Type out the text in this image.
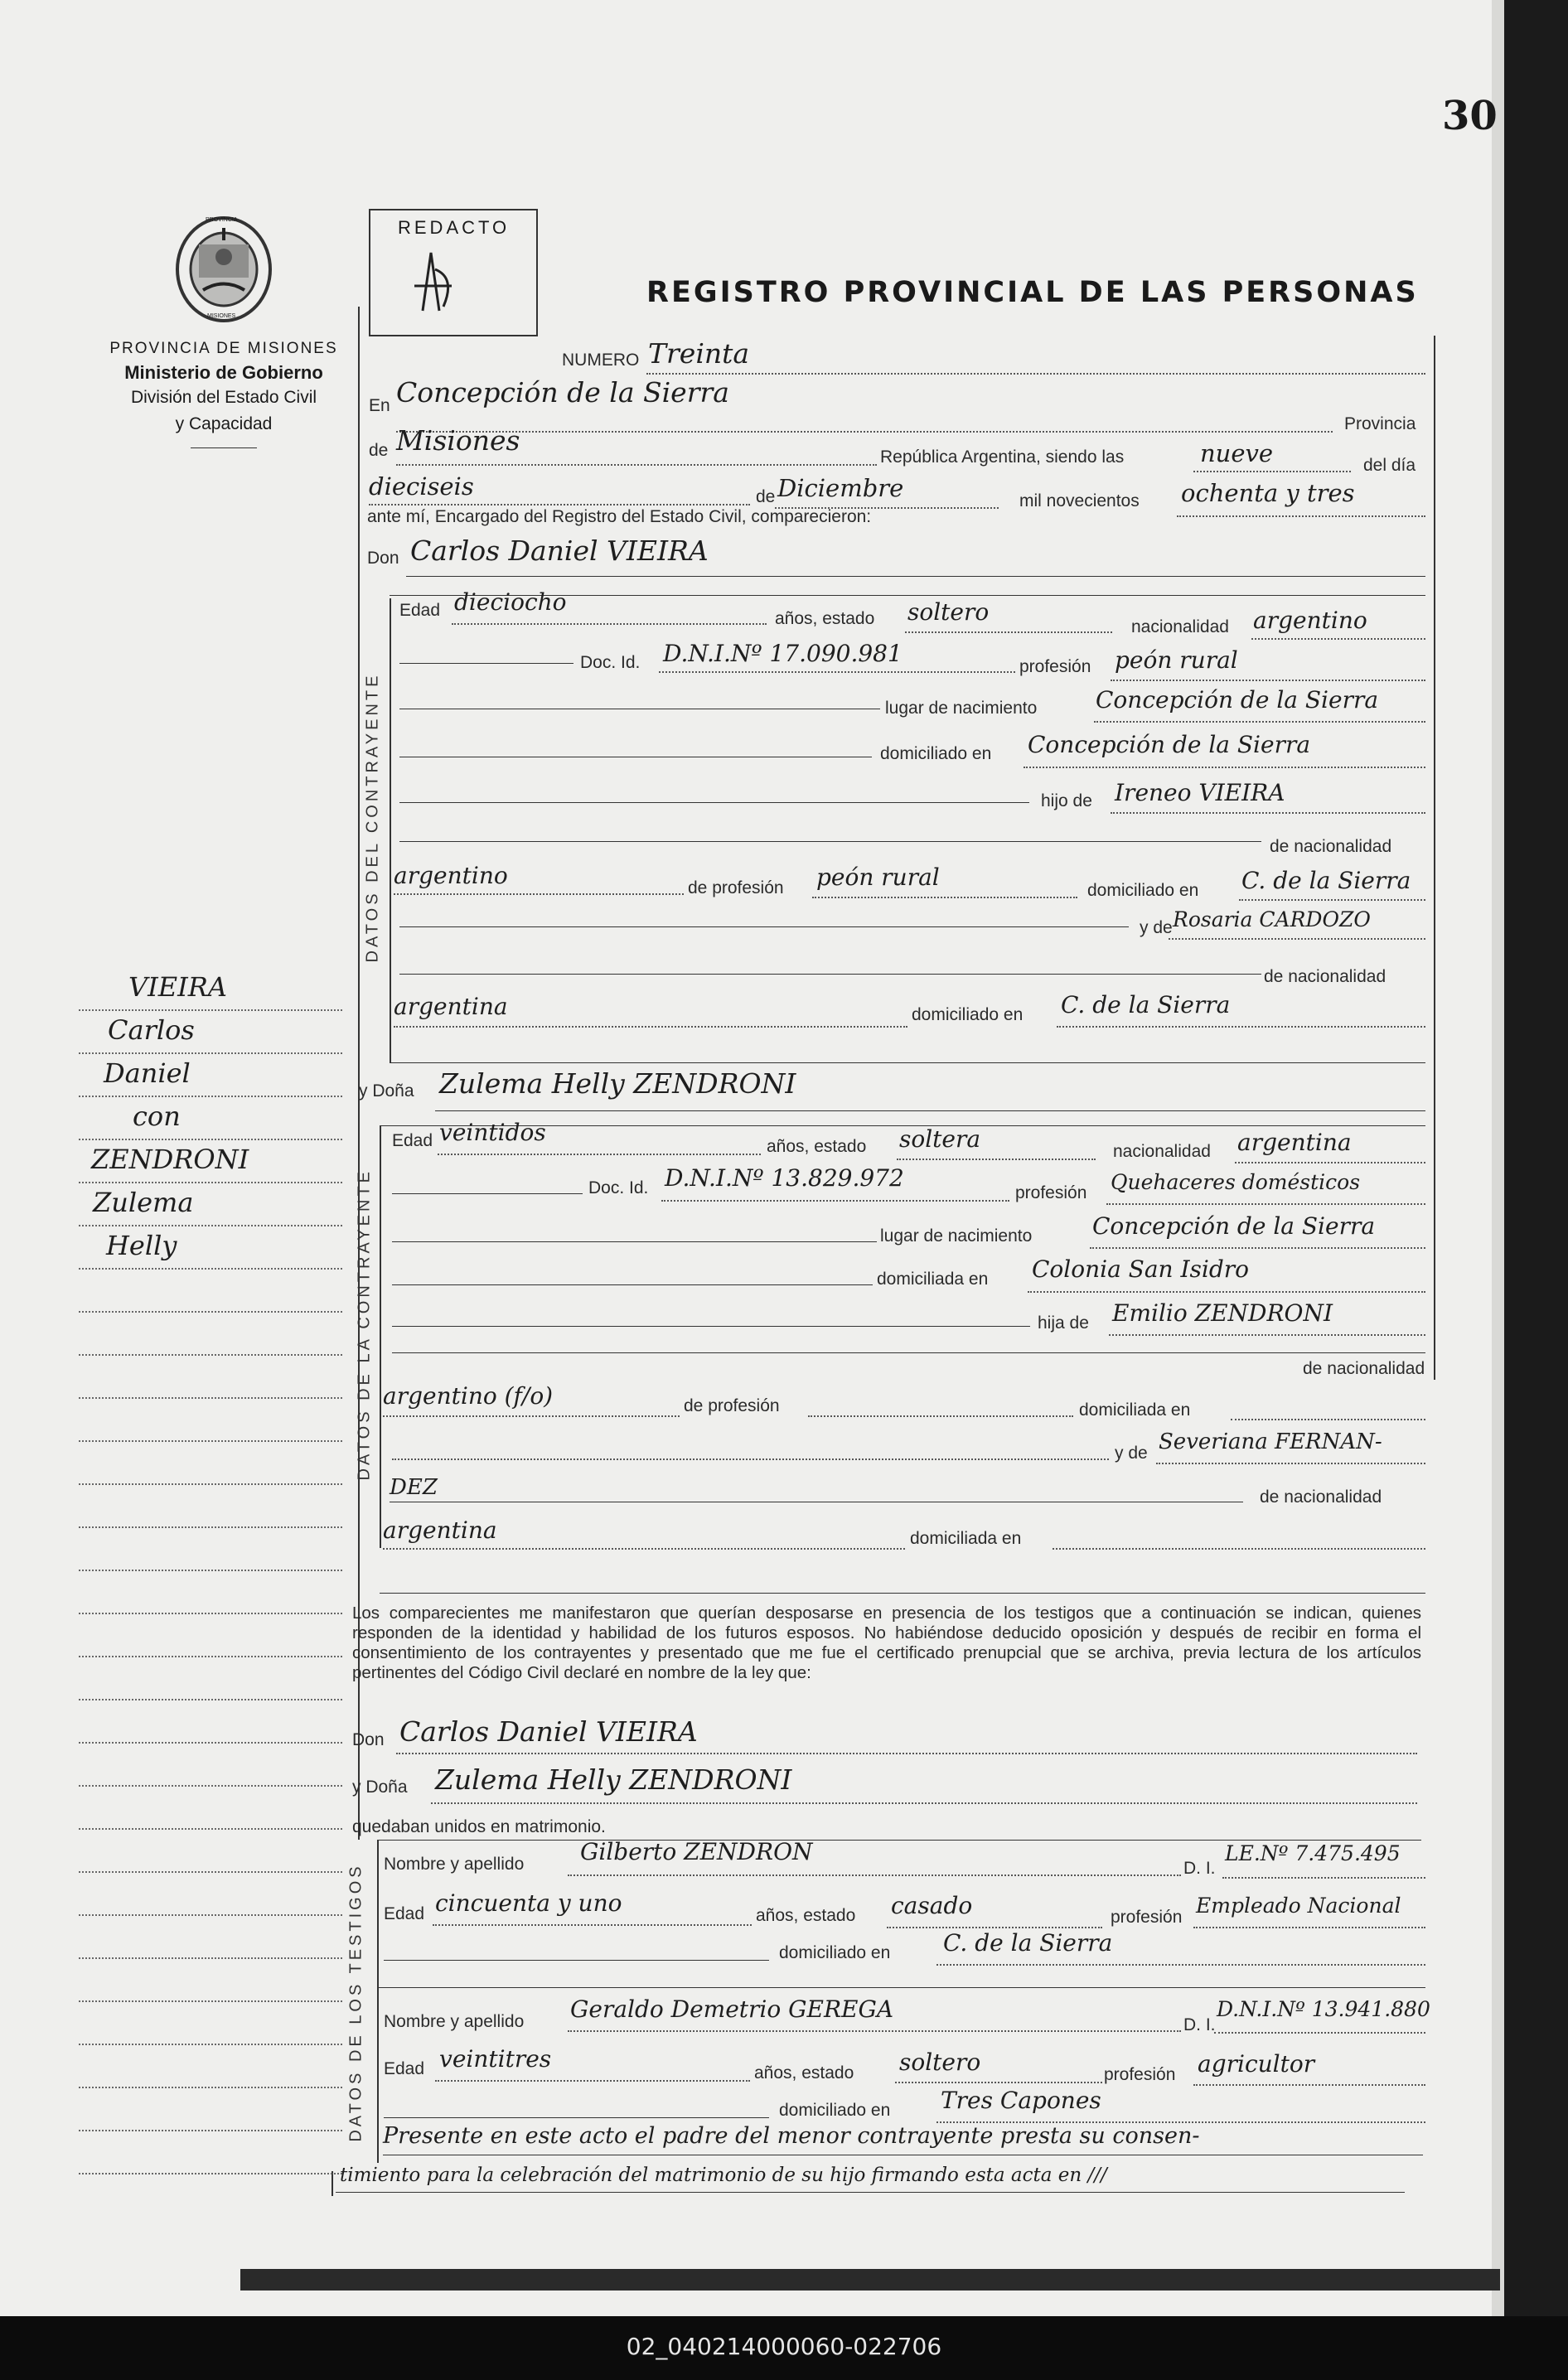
30
PROVINCIA
MISIONES
PROVINCIA DE MISIONES
Ministerio de Gobierno
División del Estado Civil
y Capacidad
REDACTO
REGISTRO PROVINCIAL DE LAS PERSONAS
NUMERO Treinta
En Concepción de la Sierra
Provincia
de Misiones
República Argentina, siendo las	nueve	del día
dieciseis	de Diciembre	mil novecientos ochenta y tres
ante mí, Encargado del Registro del Estado Civil, comparecieron:
Don Carlos Daniel VIEIRA
DATOS DEL CONTRAYENTE
Edad dieciocho
años, estado soltero
nacionalidad argentino
Doc. Id. D.N.I.Nº 17.090.981	profesión peón rural
lugar de nacimiento	Concepción de la Sierra
domiciliado en Concepción de la Sierra
hijo de Ireneo VIEIRA
de nacionalidad
argentino	de profesión peón rural	domiciliado en C. de la Sierra
y de Rosaria CARDOZO
de nacionalidad
argentina	domiciliado en C. de la Sierra
y Doña Zulema Helly ZENDRONI
DATOS DE LA CONTRAYENTE
Edad veintidos
años, estado soltera	nacionalidad argentina
Doc. Id. D.N.I.Nº 13.829.972
profesión Quehaceres domésticos
lugar de nacimiento	Concepción de la Sierra
domiciliada en Colonia San Isidro
hija de Emilio ZENDRONI
de nacionalidad
argentino (f/o)	de profesión	domiciliada en
y de Severiana FERNAN-
DEZ	de nacionalidad
argentina	domiciliada en
Los comparecientes me manifestaron que querían desposarse en presencia de los testigos que a continuación se indican, quienes responden de la identidad y habilidad de los futuros esposos. No habiéndose deducido oposición y después de recibir en forma el consentimiento de los contrayentes y presentado que me fue el certificado prenupcial que se archiva, previa lectura de los artículos pertinentes del Código Civil declaré en nombre de la ley que:
Don Carlos Daniel VIEIRA
y Doña Zulema Helly ZENDRONI
quedaban unidos en matrimonio.
DATOS DE LOS TESTIGOS Nombre y apellido Gilberto ZENDRON
D. I.
LE.Nº 7.475.495
Edad cincuenta y uno	años, estado casado	profesión Empleado Nacional
domiciliado en C. de la Sierra
Nombre y apellido Geraldo Demetrio GEREGA
D. I.
D.N.I.Nº 13.941.880
Edad veintitres
años, estado soltero	profesión agricultor
domiciliado en Tres Capones
Presente en este acto el padre del menor contrayente presta su consen-
timiento para la celebración del matrimonio de su hijo firmando esta acta en ///
VIEIRA
Carlos
Daniel
con
ZENDRONI
Zulema
Helly
02_040214000060-022706
